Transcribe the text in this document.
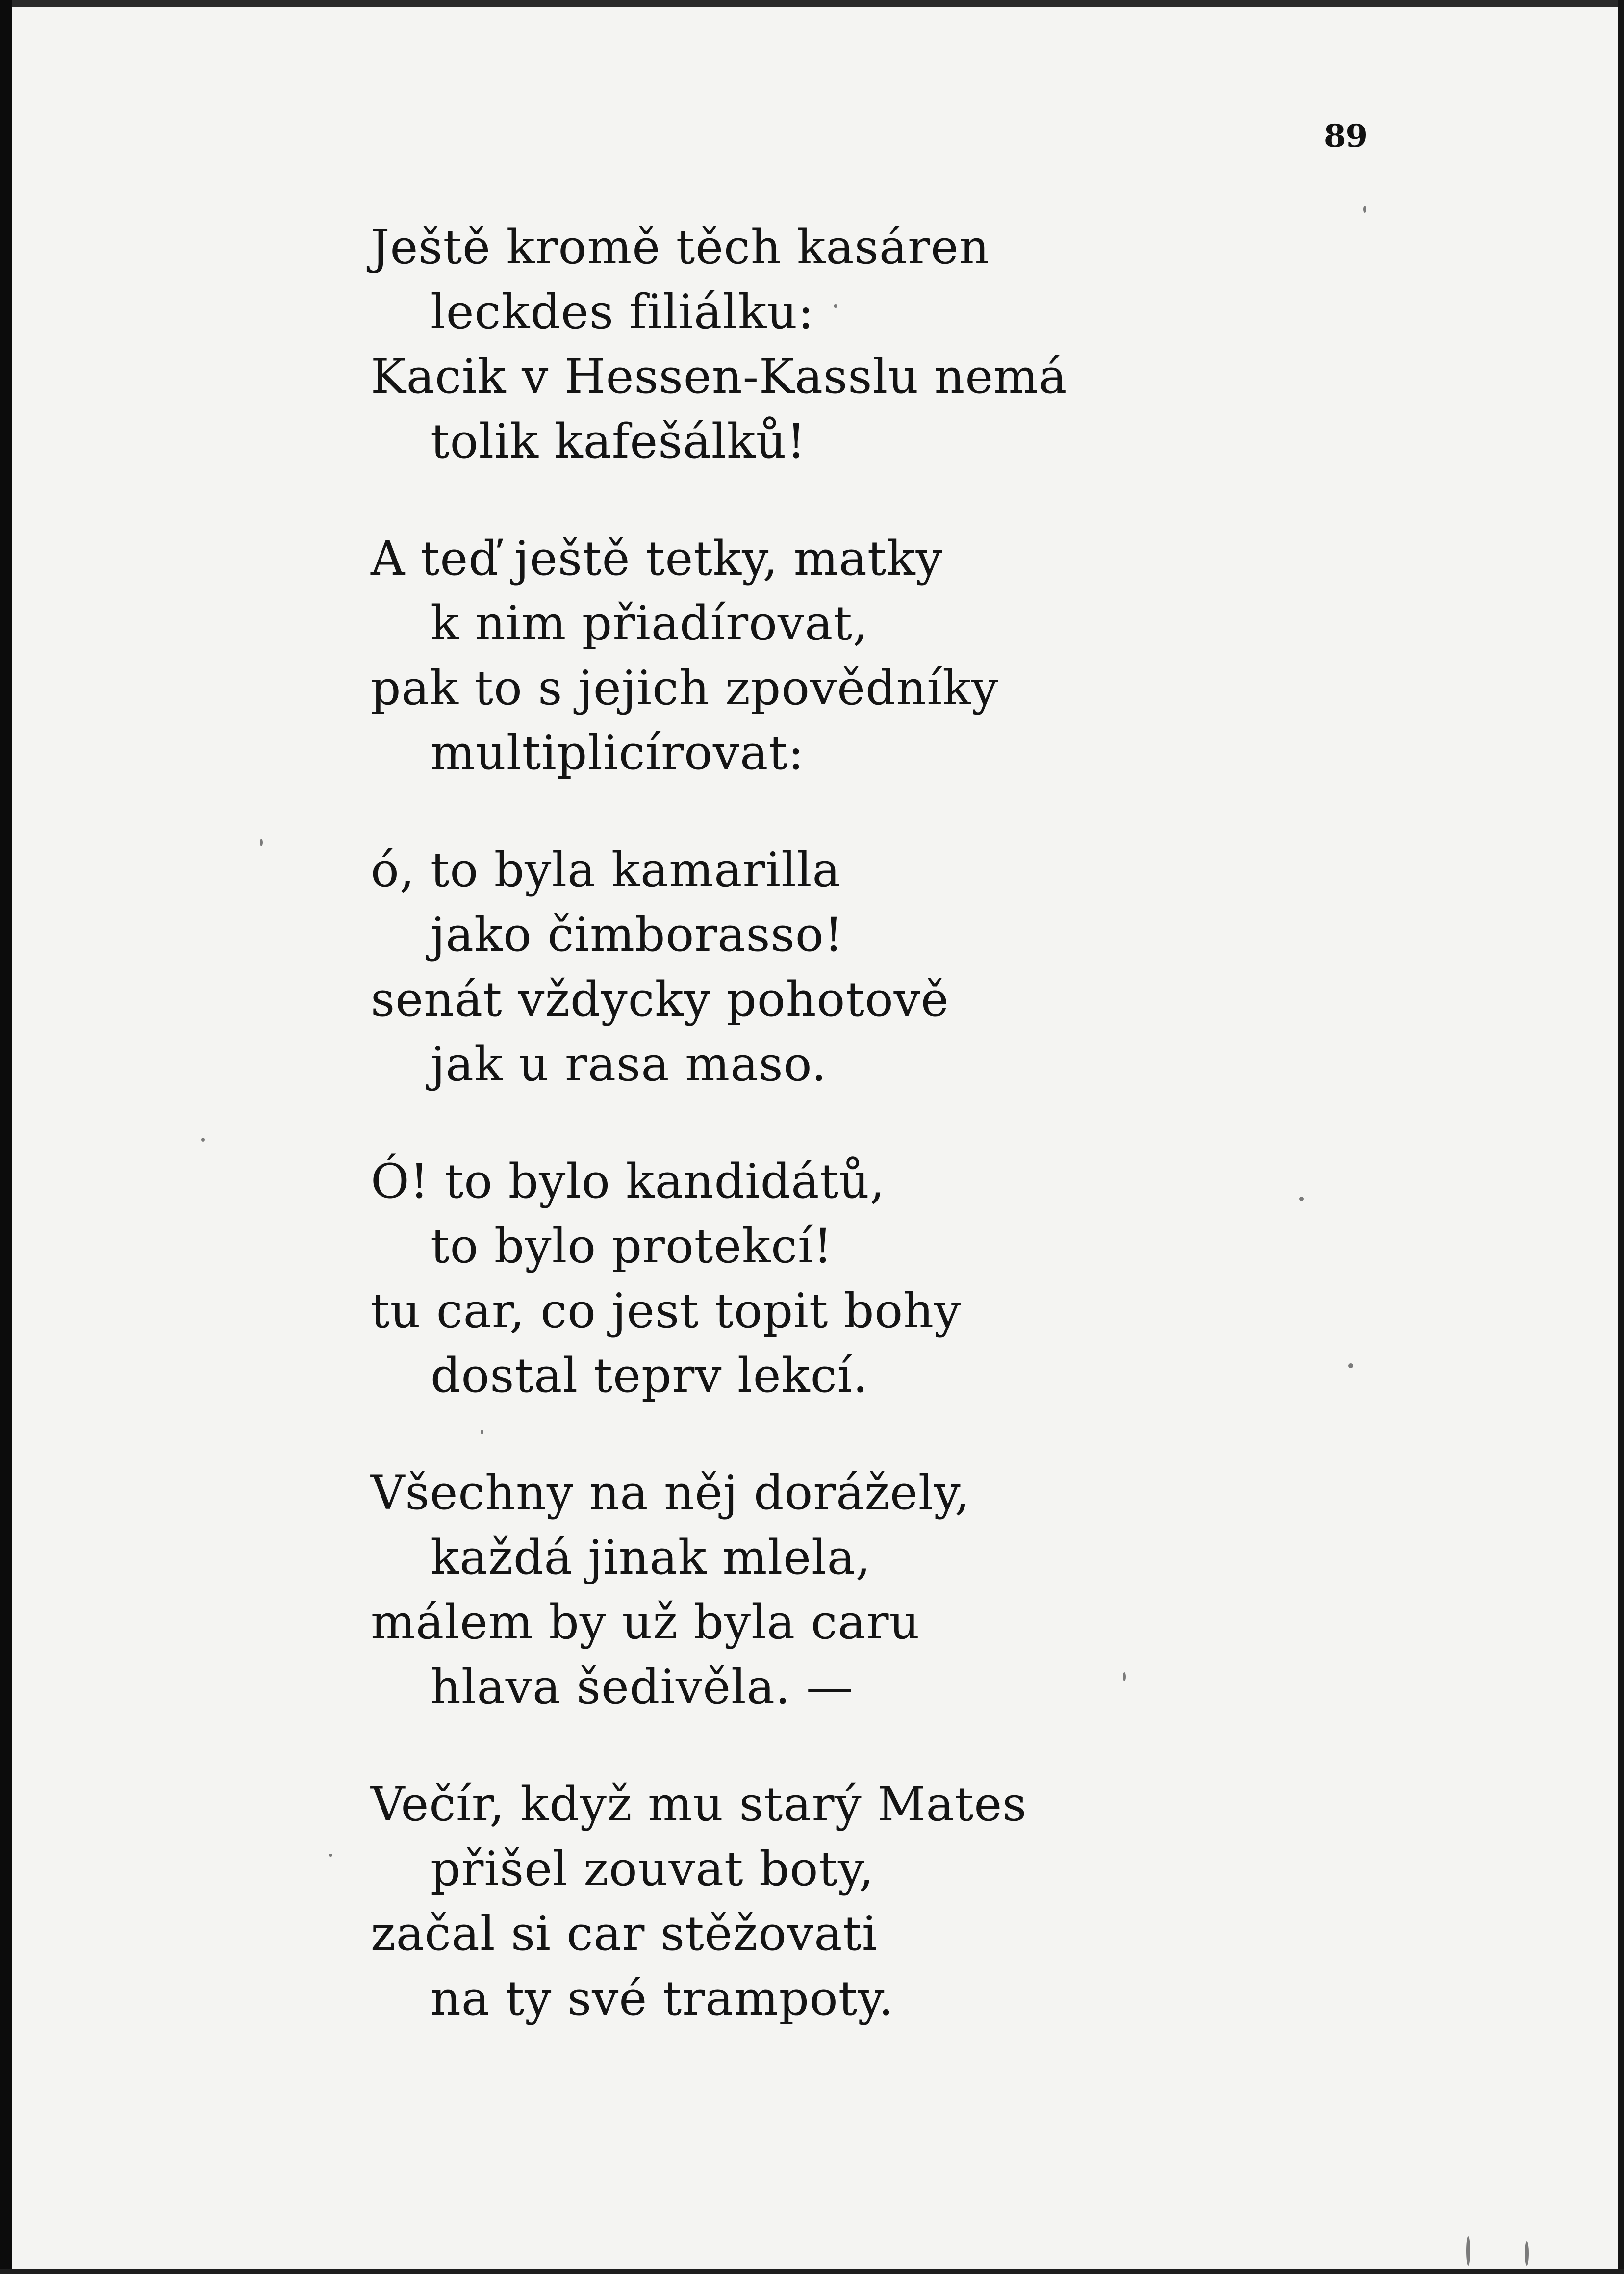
89

Ještě kromě těch kasáren
leckdes filiálku:
Kacik v Hessen-Kasslu nemá
tolik kafešálků!
A teď ještě tetky, matky
k nim přiadírovat,
pak to s jejich zpovědníky
multiplicírovat:
ó, to byla kamarilla
jako čimborasso!
senát vždycky pohotově
jak u rasa maso.
Ó! to bylo kandidátů,
to bylo protekcí!
tu car, co jest topit bohy
dostal teprv lekcí.
Všechny na něj dorážely,
každá jinak mlela,
málem by už byla caru
hlava šedivěla. —
Večír, když mu starý Mates
přišel zouvat boty,
začal si car stěžovati
na ty své trampoty.
